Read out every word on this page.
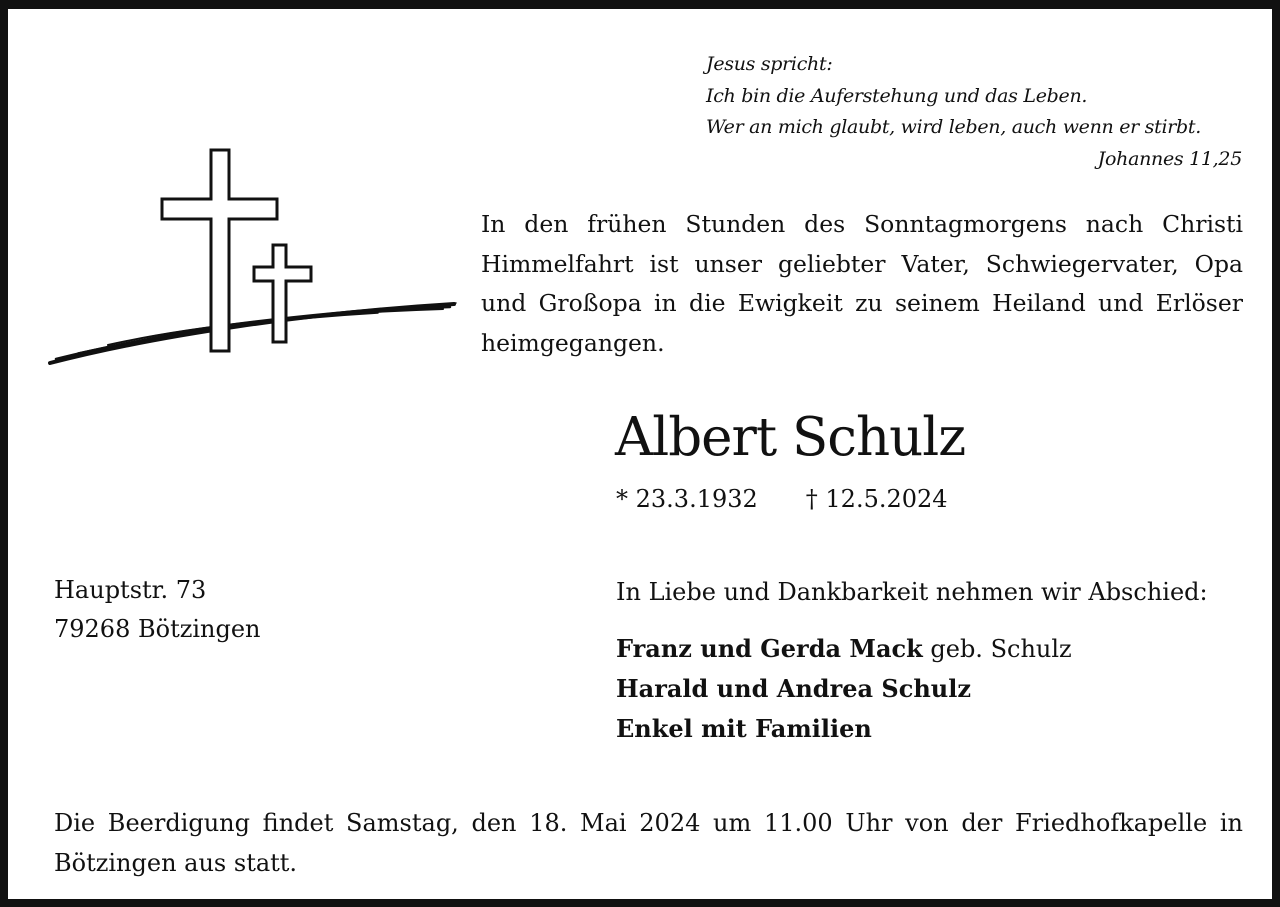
Jesus spricht:
Ich bin die Auferstehung und das Leben.
Wer an mich glaubt, wird leben, auch wenn er stirbt.
Johannes 11,25
In den frühen Stunden des Sonntagmorgens nach Christi Himmelfahrt ist unser geliebter Vater, Schwiegervater, Opa und Großopa in die Ewigkeit zu seinem Heiland und Erlöser heimgegangen.
Albert Schulz
* 23.3.1932 † 12.5.2024
Hauptstr. 73
79268 Bötzingen
In Liebe und Dankbarkeit nehmen wir Abschied:
Franz und Gerda Mack geb. Schulz
Harald und Andrea Schulz
Enkel mit Familien
Die Beerdigung findet Samstag, den 18. Mai 2024 um 11.00 Uhr von der Friedhofkapelle in Bötzingen aus statt.
